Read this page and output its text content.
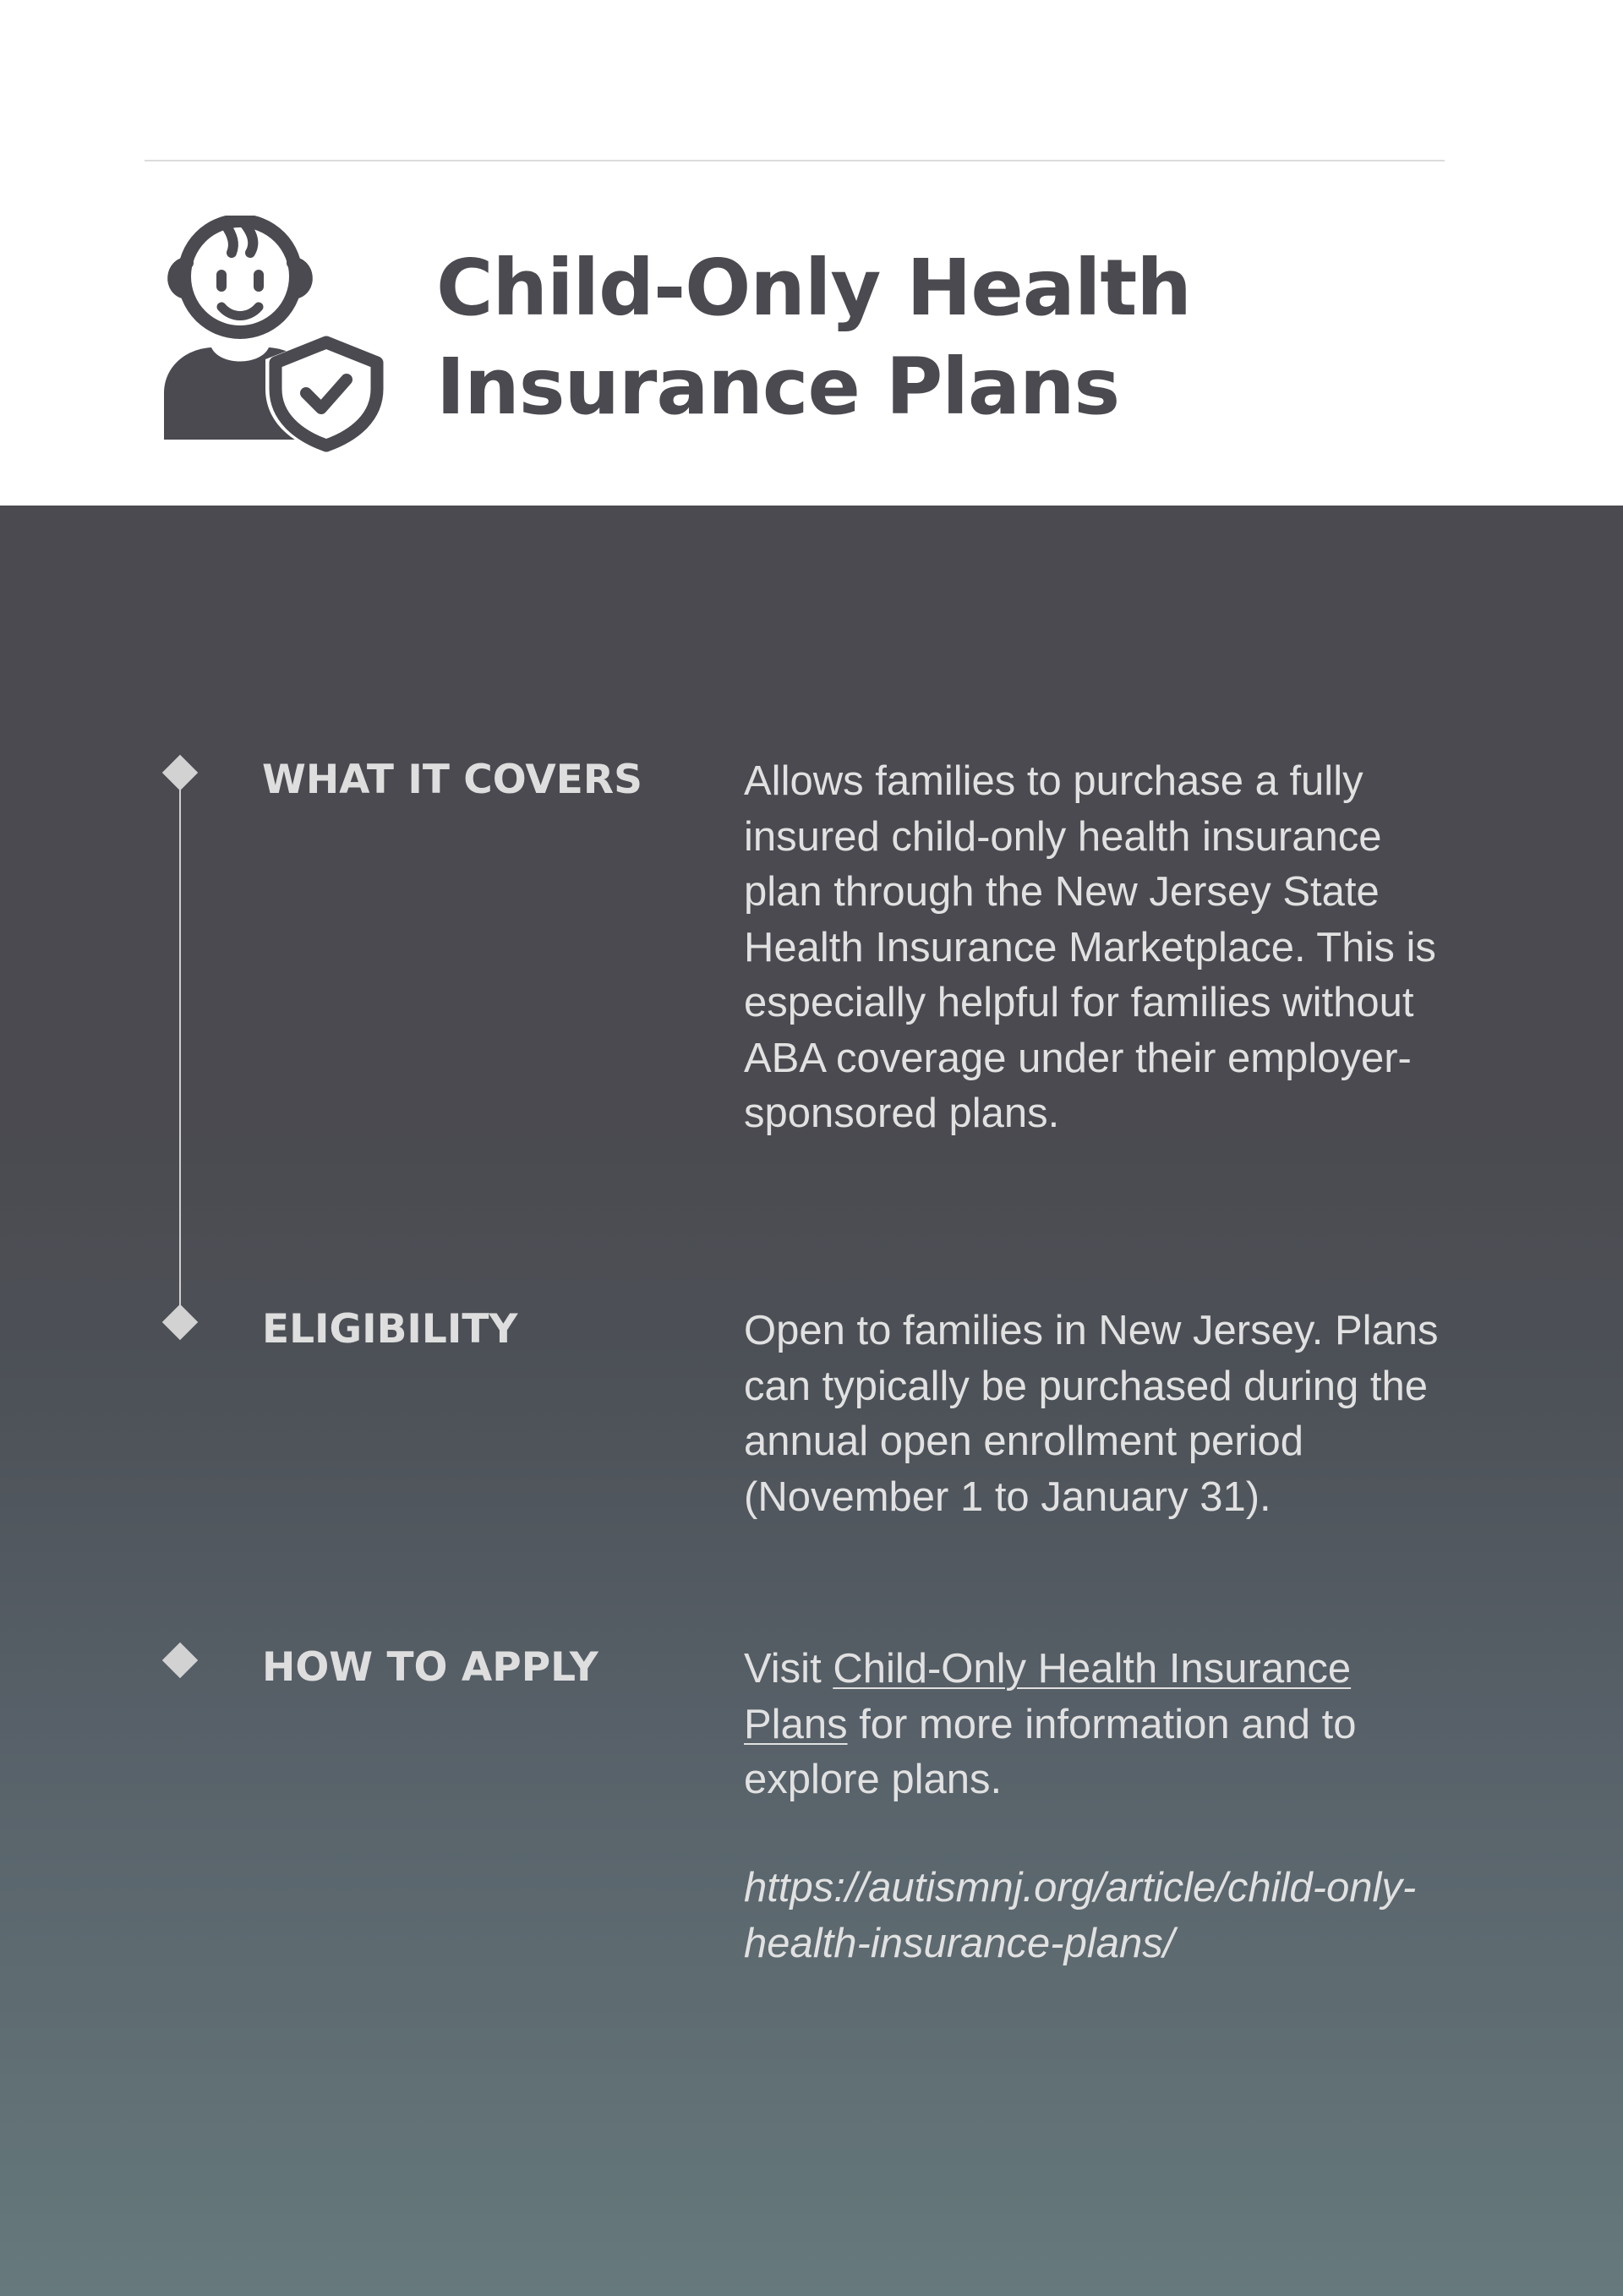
Child-Only Health
Insurance Plans
WHAT IT COVERS Allows families to purchase a fully insured child-only health insurance plan through the New Jersey State Health Insurance Marketplace. This is especially helpful for families without ABA coverage under their employer-sponsored plans.

ELIGIBILITY	Open to families in New Jersey. Plans can typically be purchased during the annual open enrollment period (November 1 to January 31).

HOW TO APPLY	Visit Child-Only Health Insurance Plans for more information and to explore plans.

https://autismnj.org/article/child-only-health-insurance-plans/
